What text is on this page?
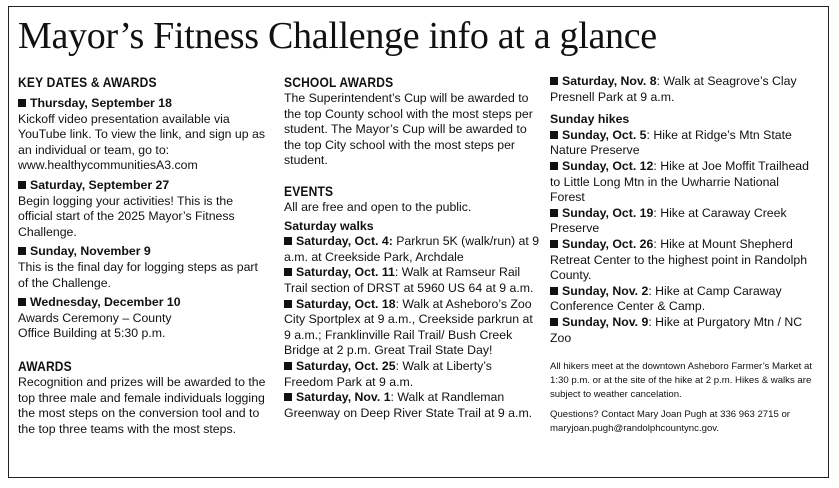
Mayor’s Fitness Challenge info at a glance
KEY DATES & AWARDS

Thursday, September 18
Kickoff video presentation available via YouTube link. To view the link, and sign up as an individual or team, go to: www.healthycommunitiesA3.com

Saturday, September 27
Begin logging your activities! This is the official start of the 2025 Mayor’s Fitness Challenge.

Sunday, November 9
This is the final day for logging steps as part of the Challenge.

Wednesday, December 10
Awards Ceremony – County Office Building at 5:30 p.m.

AWARDS

Recognition and prizes will be awarded to the top three male and female individuals logging the most steps on the conversion tool and to the top three teams with the most steps.

SCHOOL AWARDS

The Superintendent’s Cup will be awarded to the top County school with the most steps per student. The Mayor’s Cup will be awarded to the top City school with the most steps per student.

EVENTS

All are free and open to the public.

Saturday walks

Saturday, Oct. 4: Parkrun 5K (walk/run) at 9 a.m. at Creekside Park, Archdale

Saturday, Oct. 11: Walk at Ramseur Rail Trail section of DRST at 5960 US 64 at 9 a.m.

Saturday, Oct. 18: Walk at Asheboro’s Zoo City Sportplex at 9 a.m., Creekside parkrun at 9 a.m.; Franklinville Rail Trail/ Bush Creek Bridge at 2 p.m. Great Trail State Day!

Saturday, Oct. 25: Walk at Liberty’s Freedom Park at 9 a.m.

Saturday, Nov. 1: Walk at Randleman Greenway on Deep River State Trail at 9 a.m.

Saturday, Nov. 8: Walk at Seagrove’s Clay Presnell Park at 9 a.m.

Sunday hikes

Sunday, Oct. 5: Hike at Ridge’s Mtn State Nature Preserve

Sunday, Oct. 12: Hike at Joe Moffit Trailhead to Little Long Mtn in the Uwharrie National Forest

Sunday, Oct. 19: Hike at Caraway Creek Preserve

Sunday, Oct. 26: Hike at Mount Shepherd Retreat Center to the highest point in Randolph County.

Sunday, Nov. 2: Hike at Camp Caraway Conference Center & Camp.

Sunday, Nov. 9: Hike at Purgatory Mtn / NC Zoo

All hikers meet at the downtown Asheboro Farmer’s Market at 1:30 p.m. or at the site of the hike at 2 p.m. Hikes & walks are subject to weather cancelation.

Questions? Contact Mary Joan Pugh at 336 963 2715 or maryjoan.pugh@randolphcountync.gov.
